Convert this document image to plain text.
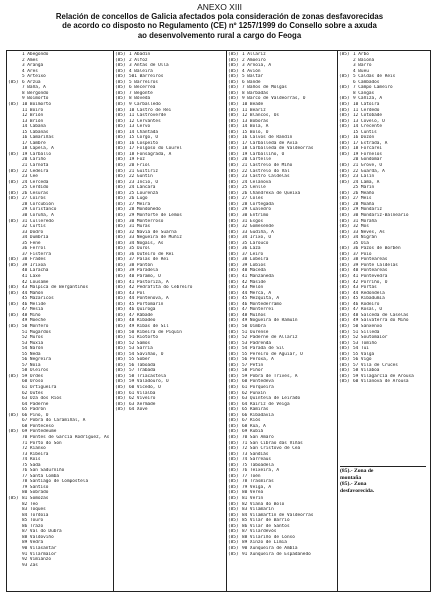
ANEXO XIII
Relación de concellos de Galicia afectados pola consideración de zonas desfavorecidas
de acordo co disposto no Regulamento (CE) nº 1257/1999 do Consello sobre a axuda
ao desenvolvemento rural a cargo do Feoga
1 Abegondo
2 Ames
3 Aranga
4 Ares
5 Arteixo
(85) 6 Arzúa
7 Baña, A
8 Bergondo
9 Boimorto
(85) 10 Boimorto
11 Boiro
12 Brión
13 Brión
14 Cabana
15 Cabanas
16 Camariñas
17 Cambre
18 Capela, A
(85) 19 Carballo
20 Cariño
21 Carnota
(85) 22 Cedeira
23 Cee
(85) 24 Cerceda
25 Cerdido
(85) 26 Cesuras
(85) 27 Coirós
28 Corcubión
29 Coristanco
30 Coruña, A
(85) 31 Culleredo
32 Curtis
33 Dodro
34 Dumbría
35 Fene
36 Ferrol
37 Fisterra
(85) 38 Frades
(85) 39 Irixoa
40 Laracha
41 Laxe
42 Lousame
(85) 43 Malpica de Bergantiños
(85) 44 Mañón
45 Mazaricos
(85) 46 Melide
47 Mesía
(85) 48 Miño
49 Moeche
(85) 50 Monfero
51 Mugardos
52 Muros
53 Muxía
54 Narón
55 Neda
56 Negreira
57 Noia
58 Oleiros
(85) 59 Ordes
60 Oroso
61 Ortigueira
62 Outes
63 Oza dos Ríos
64 Paderne
65 Padrón
(85) 66 Pino, O
67 Pobra do Caramiñal, A
68 Ponteceso
(85) 69 Pontedeume
70 Pontes de García Rodríguez, As
71 Porto do Son
72 Rianxo
73 Ribeira
74 Rois
75 Sada
76 San Sadurniño
77 Santa Comba
78 Santiago de Compostela
79 Santiso
80 Sobrado
(85) 81 Somozas
82 Teo
83 Toques
84 Tordoia
85 Touro
86 Trazo
87 Val do Dubra
88 Valdoviño
89 Vedra
90 Vilasantar
91 Vilarmaior
92 Vimianzo
93 Zas
(85) 1 Abadín
(85) 2 Alfoz
(85) 3 Antas de Ulla
(85) 4 Baleira
(85) 501 Barreiros
(85) 5 Barreiros
(85) 6 Becerreá
(85) 7 Begonte
(85) 8 Bóveda
(85) 9 Carballedo
(85) 10 Castro de Rei
(85) 11 Castroverde
(85) 12 Cervantes
(85) 13 Cervo
(85) 14 Chantada
(85) 15 Corgo, O
(85) 16 Cospeito
(85) 17 Folgoso do Courel
(85) 18 Fonsagrada, A
(85) 19 Foz
(85) 20 Friol
(85) 21 Guitiriz
(85) 22 Guntín
(85) 23 Incio, O
(85) 24 Láncara
(85) 25 Lourenzá
(85) 26 Lugo
(85) 27 Meira
(85) 28 Mondoñedo
(85) 29 Monforte de Lemos
(85) 30 Monterroso
(85) 31 Muras
(85) 32 Navia de Suarna
(85) 33 Negueira de Muñiz
(85) 34 Nogais, As
(85) 35 Ourol
(85) 36 Outeiro de Rei
(85) 37 Palas de Rei
(85) 38 Pantón
(85) 39 Paradela
(85) 40 Páramo, O
(85) 41 Pastoriza, A
(85) 42 Pedrafita do Cebreiro
(85) 43 Pol
(85) 44 Pontenova, A
(85) 45 Portomarín
(85) 46 Quiroga
(85) 47 Rábade
(85) 48 Ribadeo
(85) 49 Ribas de Sil
(85) 50 Ribeira de Piquín
(85) 51 Riotorto
(85) 52 Samos
(85) 53 Sarria
(85) 54 Saviñao, O
(85) 55 Sober
(85) 56 Taboada
(85) 57 Trabada
(85) 58 Triacastela
(85) 59 Valadouro, O
(85) 60 Vicedo, O
(85) 61 Vilalba
(85) 62 Viveiro
(85) 63 Xermade
(85) 64 Xove
(85) 1 Allariz
(85) 2 Amoeiro
(85) 3 Arnoia, A
(85) 4 Avión
(85) 5 Baltar
(85) 6 Bande
(85) 7 Baños de Molgas
(85) 8 Barbadás
(85) 9 Barco de Valdeorras, O
(85) 10 Beade
(85) 11 Beariz
(85) 12 Blancos, Os
(85) 13 Boborás
(85) 14 Bola, A
(85) 15 Bolo, O
(85) 16 Calvos de Randín
(85) 17 Carballeda de Avia
(85) 18 Carballeda de Valdeorras
(85) 19 Carballiño, O
(85) 20 Cartelle
(85) 21 Castrelo de Miño
(85) 22 Castrelo do Val
(85) 23 Castro Caldelas
(85) 24 Celanova
(85) 25 Cenlle
(85) 26 Chandrexa de Queixa
(85) 27 Coles
(85) 28 Cortegada
(85) 29 Cualedro
(85) 30 Entrimo
(85) 31 Esgos
(85) 32 Gomesende
(85) 33 Gudiña, A
(85) 34 Irixo, O
(85) 35 Larouco
(85) 36 Laza
(85) 37 Leiro
(85) 38 Lobeira
(85) 39 Lobios
(85) 40 Maceda
(85) 41 Manzaneda
(85) 42 Maside
(85) 43 Melón
(85) 44 Merca, A
(85) 45 Mezquita, A
(85) 46 Montederramo
(85) 47 Monterrei
(85) 48 Muíños
(85) 49 Nogueira de Ramuín
(85) 50 Oímbra
(85) 51 Ourense
(85) 52 Paderne de Allariz
(85) 53 Padrenda
(85) 54 Parada de Sil
(85) 55 Pereiro de Aguiar, O
(85) 56 Peroxa, A
(85) 57 Petín
(85) 58 Piñor
(85) 59 Pobra de Trives, A
(85) 60 Pontedeva
(85) 61 Porqueira
(85) 62 Punxín
(85) 63 Quintela de Leirado
(85) 64 Rairiz de Veiga
(85) 65 Ramirás
(85) 66 Ribadavia
(85) 67 Riós
(85) 68 Rúa, A
(85) 69 Rubiá
(85) 70 San Amaro
(85) 71 San Cibrao das Viñas
(85) 72 San Cristovo de Cea
(85) 73 Sandiás
(85) 74 Sarreaus
(85) 75 Taboadela
(85) 76 Teixeira, A
(85) 77 Toén
(85) 78 Trasmiras
(85) 79 Veiga, A
(85) 80 Verea
(85) 81 Verín
(85) 82 Viana do Bolo
(85) 83 Vilamarín
(85) 84 Vilamartín de Valdeorras
(85) 85 Vilar de Barrio
(85) 86 Vilar de Santos
(85) 87 Vilardevós
(85) 88 Vilariño de Conso
(85) 89 Xinzo de Limia
(85) 90 Xunqueira de Ambía
(85) 91 Xunqueira de Espadanedo
(85) 1 Arbo
2 Baiona
3 Barro
4 Bueu
(85) 5 Caldas de Reis
6 Cambados
(85) 7 Campo Lameiro
8 Cangas
(85) 9 Cañiza, A
(85) 10 Catoira
(85) 11 Cerdedo
(85) 12 Cotobade
(85) 13 Covelo, O
(85) 14 Crecente
15 Cuntis
(85) 16 Dozón
(85) 17 Estrada, A
(85) 18 Forcarei
(85) 19 Fornelos
20 Gondomar
(85) 21 Grove, O
(85) 22 Guarda, A
(85) 23 Lalín
(85) 24 Lama, A
25 Marín
(85) 26 Meaño
(85) 27 Meis
(85) 28 Moaña
(85) 29 Mondariz
(85) 30 Mondariz-Balneario
(85) 31 Moraña
(85) 32 Mos
(85) 33 Neves, As
(85) 34 Nigrán
35 Oia
(85) 36 Pazos de Borbén
(85) 37 Poio
(85) 38 Ponteareas
(85) 39 Ponte Caldelas
(85) 40 Ponteareas
(85) 41 Pontevedra
(85) 42 Porriño, O
(85) 43 Portas
(85) 44 Redondela
(85) 45 Ribadumia
(85) 46 Rodeiro
(85) 47 Rosal, O
(85) 48 Salceda de Caselas
(85) 49 Salvaterra do Miño
(85) 50 Sanxenxo
(85) 51 Silleda
(85) 52 Soutomaior
(85) 53 Tomiño
(85) 54 Tui
(85) 55 Valga
(85) 56 Vigo
(85) 57 Vila de Cruces
(85) 58 Vilaboa
(85) 59 Vilagarcía de Arousa
(85) 60 Vilanova de Arousa
(85).- Zona de
montaña
(85).- Zona
desfavorecida.
